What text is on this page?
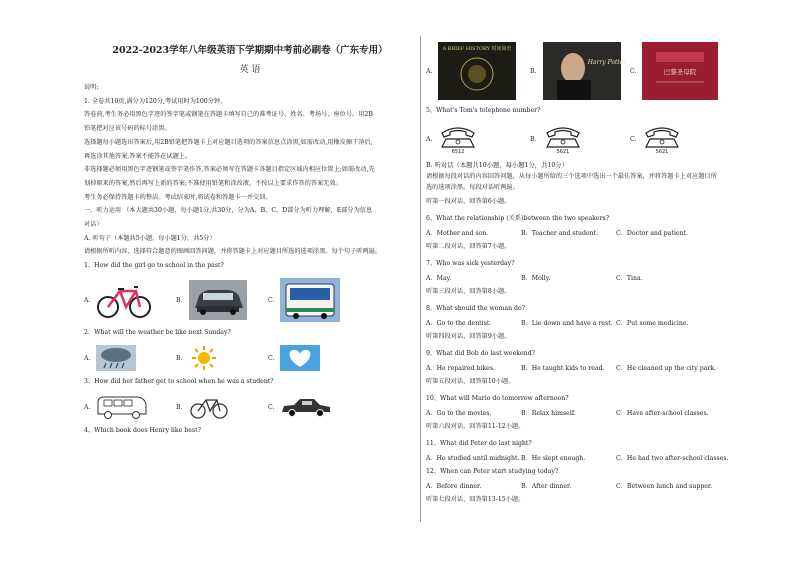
2022-2023学年八年级英语下学期期中考前必刷卷（广东专用）
英 语
说明:
1. 全卷共10页,满分为120分,考试用时为100分钟。
答卷前,考生务必用黑色字迹的签字笔或钢笔在答题卡填写自己的准考证号、姓名、考场号、座位号。用2B
铅笔把对应该号码的标号涂黑。
选择题每小题选出答案后,用2B铅笔把答题卡上对应题目选项的答案信息点涂黑,如需改动,用橡皮擦干净后,
再选涂其他答案,答案不能答在试题上。
非选择题必须用黑色字迹钢笔或签字笔作答,答案必须写在答题卡各题目指定区域内相应位置上;如需改动,先
划掉原来的答案,然后再写上新的答案;不准使用铅笔和涂改液。不按以上要求作答的答案无效。
考生务必保持答题卡的整洁。考试结束时,将试卷和答题卡一并交回。
一、听力运用 （本大题共30小题，每小题1分,共30分，分为A、B、C、D部分为听力理解，E部分为信息
对话）
A. 听句子（本题共5小题，每小题1分，共5分）
请根据所听内容，选择符合题意的图画回答问题，并将答题卡上对应题目所选的选项涂黑。每个句子听两遍。
1、How did the girl go to school in the past?
A.	B.	C.
2、What will the weather be like next Sunday?
A.	B.	C.
3、How did her father get to school when he was a student?
A.	B.	C.
4、Which book does Henry like best?
A.
A BRIEF HISTORY 时间简史
B.
Harry Potter
C.	巴黎圣母院
5、What's Tom's telephone number?
A.
6512
B.
5621
C.
5621
B. 听对话（本题共10小题，每小题1分，共10分）
请根据每段对话的内容回答问题，从每小题所给的三个选项中选出一个最佳答案，并将答题卡上对应题目所
选的选项涂黑。每段对话听两遍。
听第一段对话，回答第6小题。
6、What the relationship (关系)between the two speakers?
A．Mother and son.	B．Teacher and student.	C．Doctor and patient.
听第二段对话，回答第7小题。
7、Who was sick yesterday?
A．May.	B．Molly.	C．Tina.
听第三段对话，回答第8小题。
8、What should the woman do?
A．Go to the dentist.	B．Lie down and have a rest. C．Put some medicine.
听第四段对话，回答第9小题。
9、What did Bob do last weekend?
A．He repaired bikes.	B．He taught kids to read.	C．He cleaned up the city park.
听第五段对话，回答第10小题。
10、What will Mario do tomorrow afternoon?
A．Go to the movies.	B．Relax himself.	C．Have after-school classes.
听第六段对话，回答第11-12小题。
11、What did Peter do last night?
A．He studied until midnight. B．He slept enough.	C．He had two after-school classes.
12、When can Peter start studying today?
A．Before dinner.	B．After dinner.	C．Between lunch and supper.
听第七段对话，回答第13-15小题。
